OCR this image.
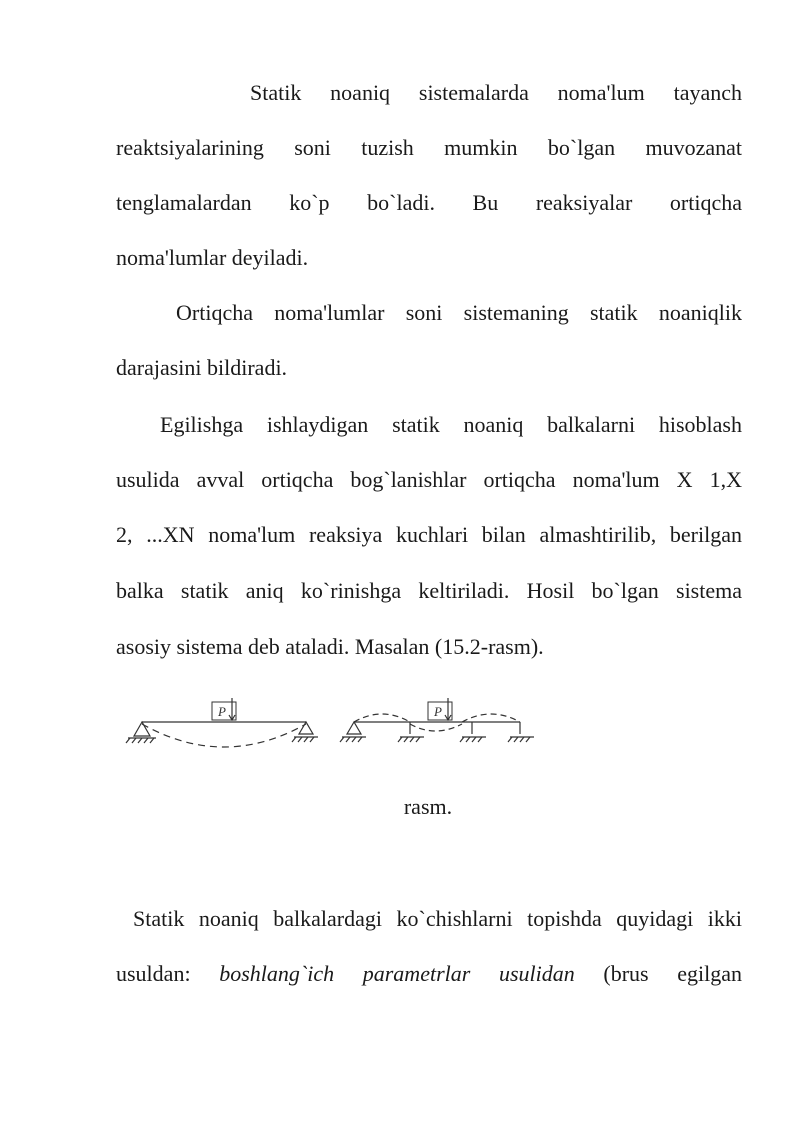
Statik noaniq sistemalarda noma'lum tayanch
reaktsiyalarining soni tuzish mumkin bo`lgan muvozanat
tenglamalardan ko`p bo`ladi. Bu reaksiyalar ortiqcha
noma'lumlar deyiladi.
Ortiqcha noma'lumlar soni sistemaning statik noaniqlik
darajasini bildiradi.
Egilishga ishlaydigan statik noaniq balkalarni hisoblash
usulida avval ortiqcha bog`lanishlar ortiqcha noma'lum X 1,X
2, ...XN noma'lum reaksiya kuchlari bilan almashtirilib, berilgan
balka statik aniq ko`rinishga keltiriladi. Hosil bo`lgan sistema
asosiy sistema deb ataladi. Masalan (15.2-rasm).
P	P
rasm.
Statik noaniq balkalardagi ko`chishlarni topishda quyidagi ikki
usuldan: boshlang`ich parametrlar usulidan (brus egilgan
